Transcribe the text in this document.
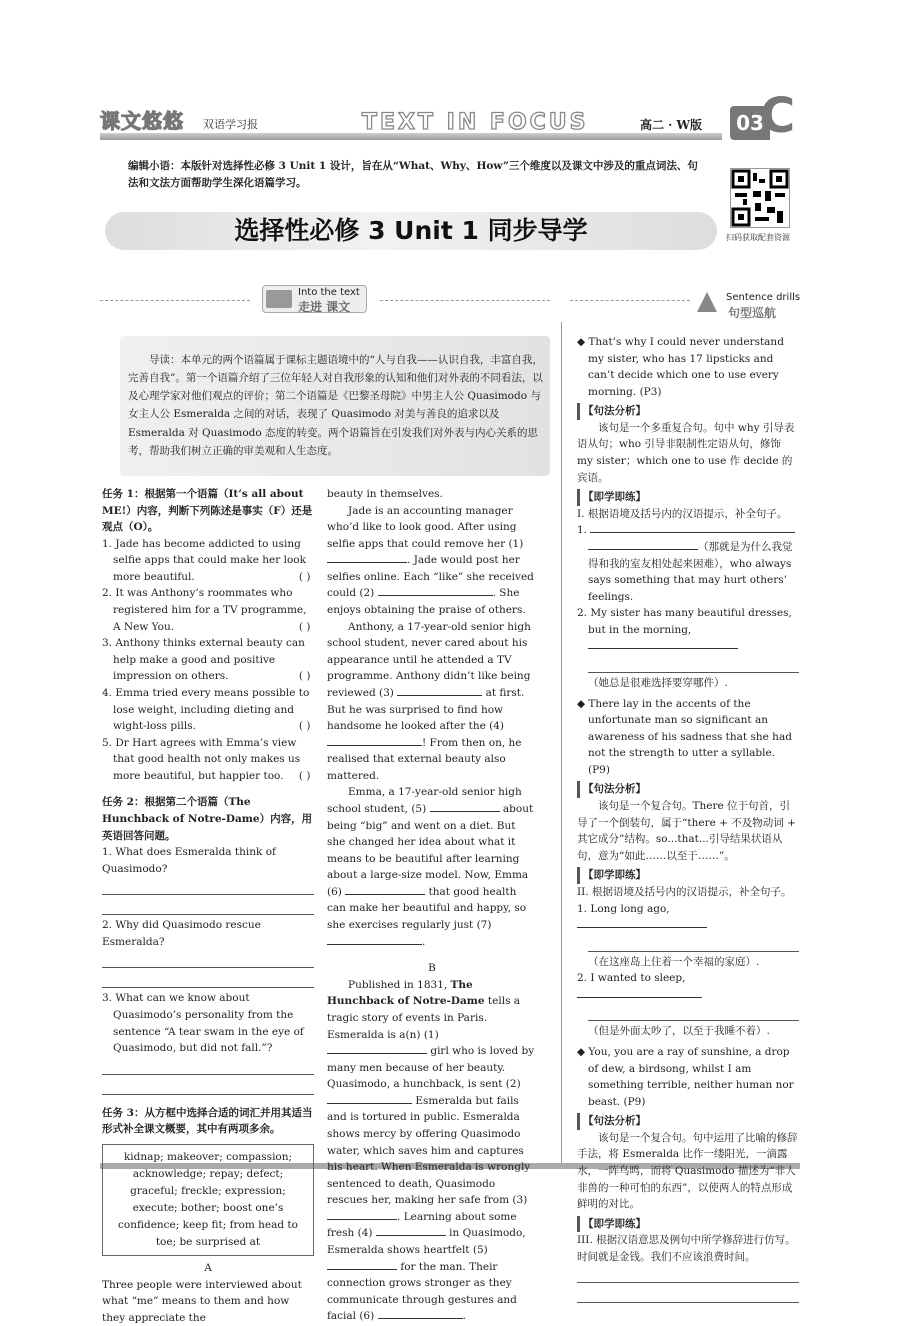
课文悠悠 双语学习报	TEXT IN FOCUS	高二 · W版	03
C
编辑小语：本版针对选择性必修 3 Unit 1 设计，旨在从“What、Why、How”三个维度以及课文中涉及的重点词法、句法和文法方面帮助学生深化语篇学习。
扫码获取配套资源
选择性必修 3 Unit 1 同步导学
Into the text
走进 课文
Sentence drills
句型巡航
导读：本单元的两个语篇属于课标主题语境中的“人与自我——认识自我，丰富自我，完善自我”。第一个语篇介绍了三位年轻人对自我形象的认知和他们对外表的不同看法，以及心理学家对他们观点的评价；第二个语篇是《巴黎圣母院》中男主人公 Quasimodo 与女主人公 Esmeralda 之间的对话，表现了 Quasimodo 对美与善良的追求以及 Esmeralda 对 Quasimodo 态度的转变。两个语篇旨在引发我们对外表与内心关系的思考，帮助我们树立正确的审美观和人生态度。

任务 1：根据第一个语篇（It’s all about ME!）内容，判断下列陈述是事实（F）还是观点（O）。

1. Jade has become addicted to using selfie apps that could make her look more beautiful.	( )

2. It was Anthony’s roommates who registered him for a TV programme, A New You.	( )

3. Anthony thinks external beauty can help make a good and positive impression on others.	( )

4. Emma tried every means possible to lose weight, including dieting and wight-loss pills.	( )

5. Dr Hart agrees with Emma’s view that good health not only makes us more beautiful, but happier too. ( )

任务 2：根据第二个语篇（The Hunchback of Notre-Dame）内容，用英语回答问题。

1. What does Esmeralda think of Quasimodo?

2. Why did Quasimodo rescue Esmeralda?

3. What can we know about Quasimodo’s personality from the sentence “A tear swam in the eye of Quasimodo, but did not fall.”?

任务 3：从方框中选择合适的词汇并用其适当形式补全课文概要，其中有两项多余。

kidnap; makeover; compassion; acknowledge; repay; defect; graceful; freckle; expression; execute; bother; boost one’s confidence; keep fit; from head to toe; be surprised at

A

Three people were interviewed about what “me” means to them and how they appreciate the

beauty in themselves.

Jade is an accounting manager who’d like to look good. After using selfie apps that could remove her (1) . Jade would post her selfies online. Each “like” she received could (2)	. She enjoys obtaining the praise of others.

Anthony, a 17-year-old senior high school student, never cared about his appearance until he attended a TV programme. Anthony didn’t like being reviewed (3)	at first. But he was surprised to find how handsome he looked after the (4) ! From then on, he realised that external beauty also mattered.

Emma, a 17-year-old senior high school student, (5)	about being “big” and went on a diet. But she changed her idea about what it means to be beautiful after learning about a large-size model. Now, Emma (6)	that good health can make her beautiful and happy, so she exercises regularly just (7) .

B

Published in 1831, The Hunchback of Notre-Dame tells a tragic story of events in Paris. Esmeralda is a(n) (1)  girl who is loved by many men because of her beauty. Quasimodo, a hunchback, is sent (2)  Esmeralda but fails and is tortured in public. Esmeralda shows mercy by offering Quasimodo water, which saves him and captures his heart. When Esmeralda is wrongly sentenced to death, Quasimodo rescues her, making her safe from (3) . Learning about some fresh (4)	in Quasimodo, Esmeralda shows heartfelt (5)  for the man. Their connection grows stronger as they communicate through gestures and facial (6)	.

◆ That’s why I could never understand my sister, who has 17 lipsticks and can’t decide which one to use every morning. (P3)

【句法分析】

该句是一个多重复合句。句中 why 引导表语从句；who 引导非限制性定语从句，修饰 my sister；which one to use 作 decide 的宾语。

【即学即练】

I. 根据语境及括号内的汉语提示，补全句子。

1.

（那就是为什么我觉得和我的室友相处起来困难），who always says something that may hurt others’ feelings.

2. My sister has many beautiful dresses, but in the morning,

（她总是很难选择要穿哪件）.

◆ There lay in the accents of the unfortunate man so significant an awareness of his sadness that she had not the strength to utter a syllable. (P9)

【句法分析】

该句是一个复合句。There 位于句首，引导了一个倒装句，属于“there + 不及物动词 + 其它成分”结构。so...that...引导结果状语从句，意为“如此……以至于……”。

【即学即练】

II. 根据语境及括号内的汉语提示，补全句子。

1. Long long ago,

（在这座岛上住着一个幸福的家庭）.

2. I wanted to sleep,

（但是外面太吵了，以至于我睡不着）.

◆ You, you are a ray of sunshine, a drop of dew, a birdsong, whilst I am something terrible, neither human nor beast. (P9)

【句法分析】

该句是一个复合句。句中运用了比喻的修辞手法，将 Esmeralda 比作一缕阳光，一滴露水，一阵鸟鸣，而将 Quasimodo 描述为“非人非兽的一种可怕的东西”，以使两人的特点形成鲜明的对比。

【即学即练】

III. 根据汉语意思及例句中所学修辞进行仿写。

时间就是金钱。我们不应该浪费时间。
